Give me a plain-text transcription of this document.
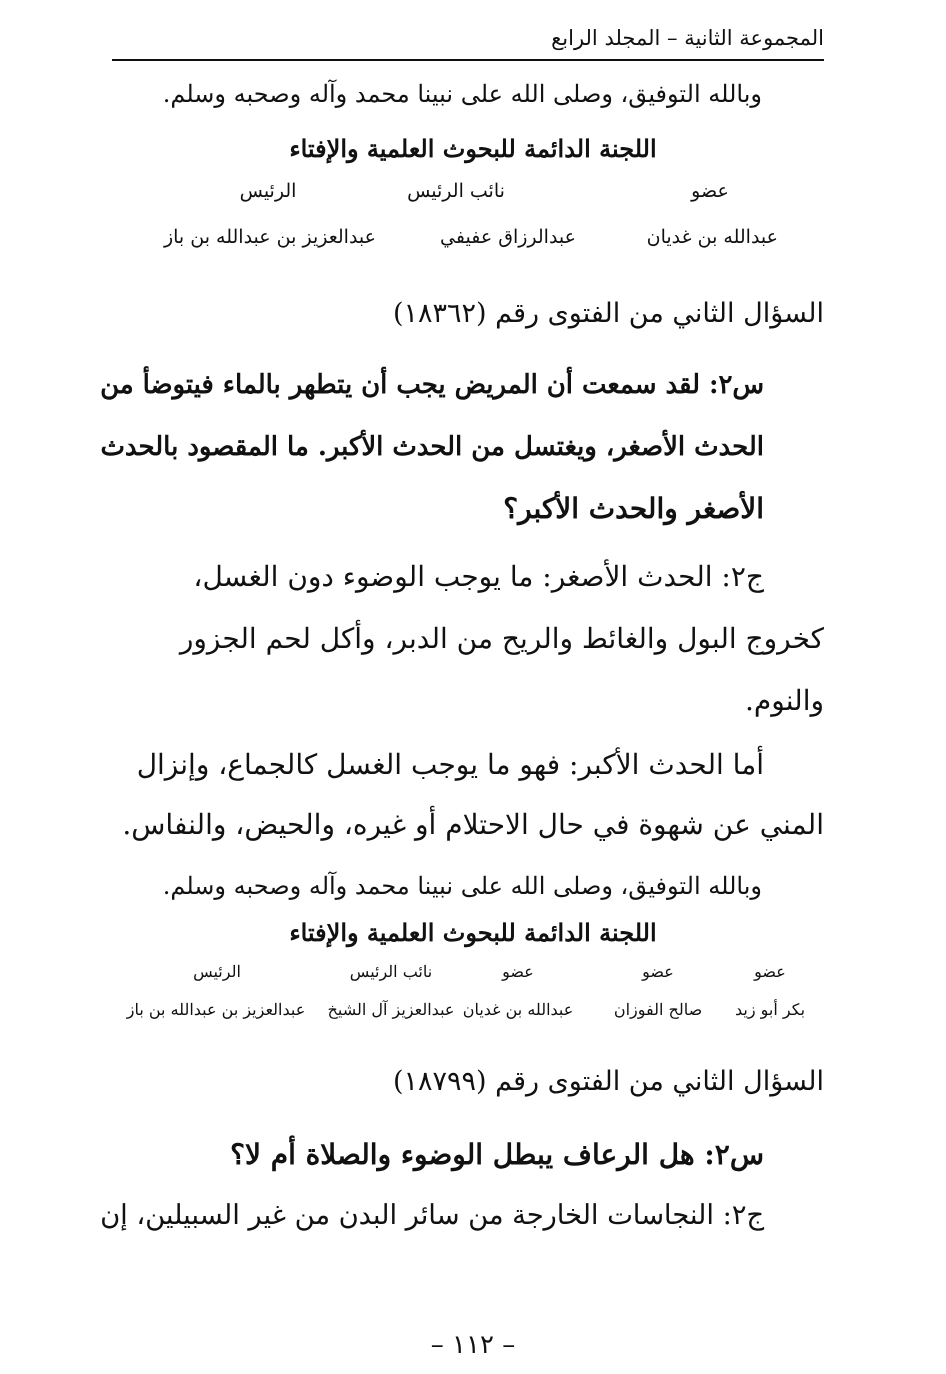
المجموعة الثانية – المجلد الرابع
وبالله التوفيق، وصلى الله على نبينا محمد وآله وصحبه وسلم.
اللجنة الدائمة للبحوث العلمية والإفتاء
عضو
نائب الرئيس
الرئيس
عبدالله بن غديان
عبدالرزاق عفيفي
عبدالعزيز بن عبدالله بن باز
السؤال الثاني من الفتوى رقم (١٨٣٦٢)
س٢: لقد سمعت أن المريض يجب أن يتطهر بالماء فيتوضأ من
الحدث الأصغر، ويغتسل من الحدث الأكبر. ما المقصود بالحدث
الأصغر والحدث الأكبر؟
ج٢: الحدث الأصغر: ما يوجب الوضوء دون الغسل،
كخروج البول والغائط والريح من الدبر، وأكل لحم الجزور
والنوم.
أما الحدث الأكبر: فهو ما يوجب الغسل كالجماع، وإنزال
المني عن شهوة في حال الاحتلام أو غيره، والحيض، والنفاس.
وبالله التوفيق، وصلى الله على نبينا محمد وآله وصحبه وسلم.
اللجنة الدائمة للبحوث العلمية والإفتاء
عضو
عضو
عضو
نائب الرئيس
الرئيس
بكر أبو زيد
صالح الفوزان
عبدالله بن غديان
عبدالعزيز آل الشيخ
عبدالعزيز بن عبدالله بن باز
السؤال الثاني من الفتوى رقم (١٨٧٩٩)
س٢: هل الرعاف يبطل الوضوء والصلاة أم لا؟
ج٢: النجاسات الخارجة من سائر البدن من غير السبيلين، إن
– ١١٢ –
